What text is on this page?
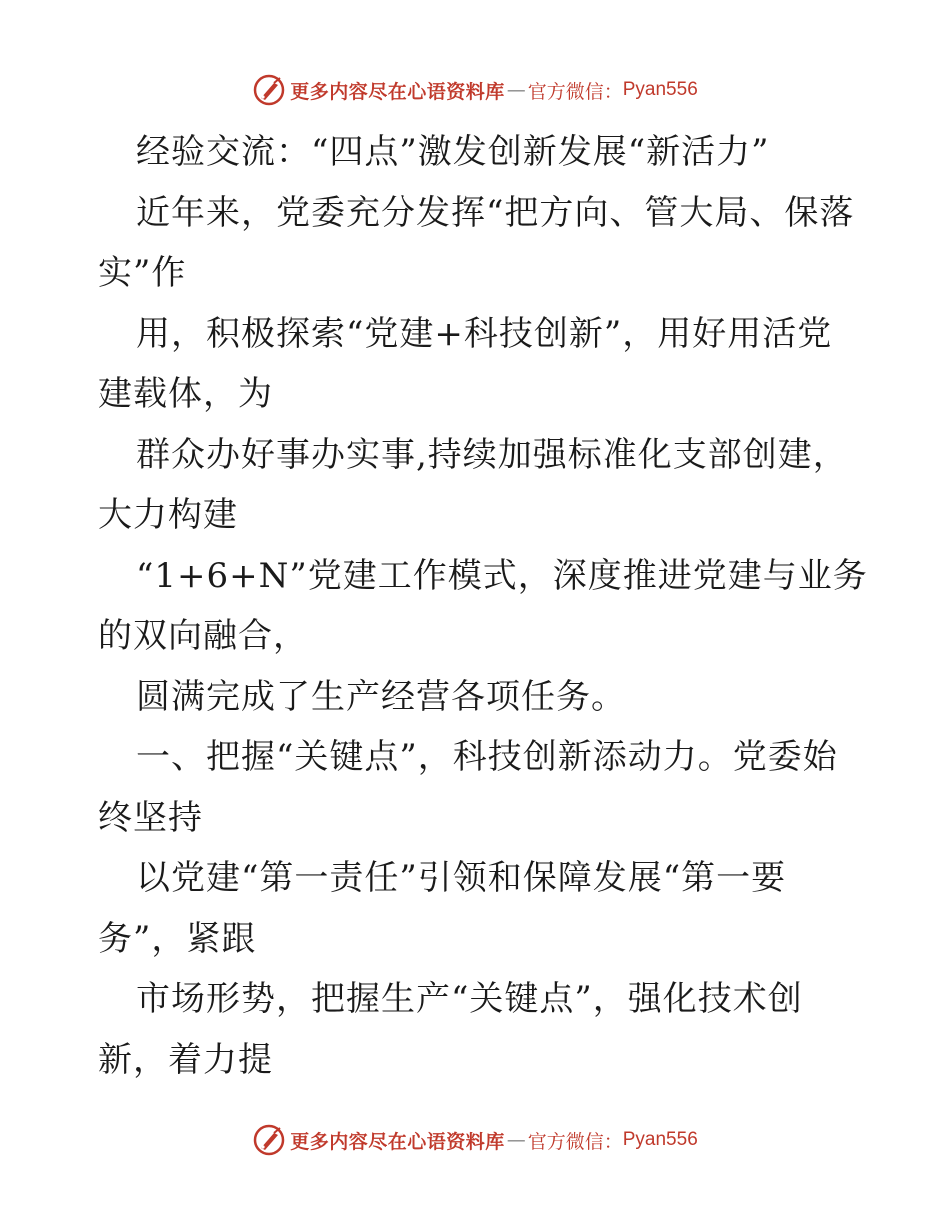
更多内容尽在心语资料库 — 官方微信： Pyan556
经验交流：“四点”激发创新发展“新活力”
近年来，党委充分发挥“把方向、管大局、保落
实”作
用，积极探索“党建+科技创新”，用好用活党
建载体，为
群众办好事办实事,持续加强标准化支部创建，
大力构建
“1+6+N”党建工作模式，深度推进党建与业务
的双向融合，
圆满完成了生产经营各项任务。
一、把握“关键点”，科技创新添动力。党委始
终坚持
以党建“第一责任”引领和保障发展“第一要
务”，紧跟
市场形势，把握生产“关键点”，强化技术创
新，着力提
更多内容尽在心语资料库 — 官方微信： Pyan556
